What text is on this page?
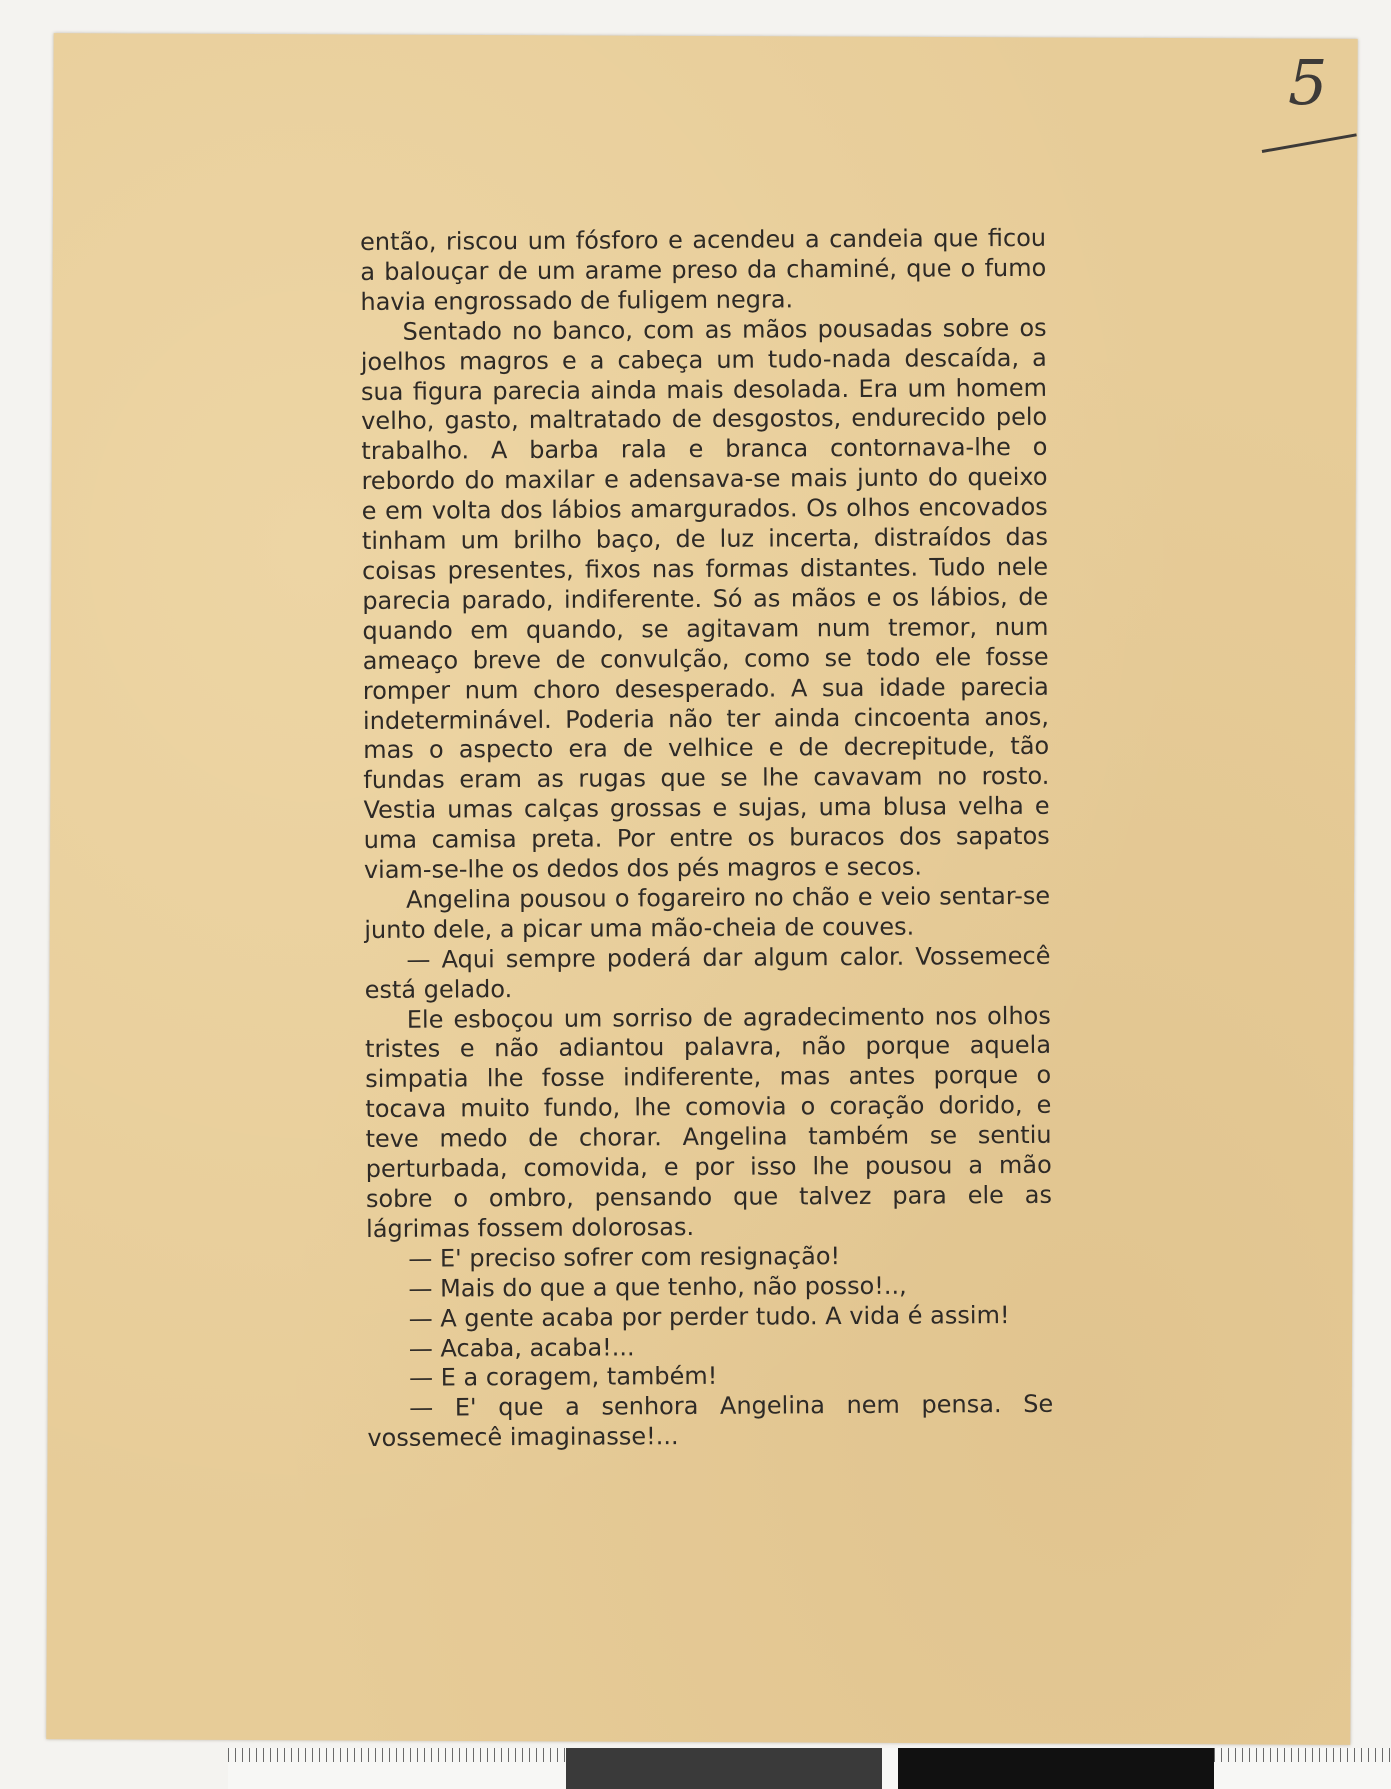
5

então, riscou um fósforo e acendeu a candeia que ficou a balouçar de um arame preso da chaminé, que o fumo havia engrossado de fuligem negra.

Sentado no banco, com as mãos pousadas sobre os joelhos magros e a cabeça um tudo-nada descaída, a sua figura parecia ainda mais desolada. Era um homem velho, gasto, maltratado de desgostos, endurecido pelo trabalho. A barba rala e branca contornava-lhe o rebordo do maxilar e adensava-se mais junto do queixo e em volta dos lábios amargurados. Os olhos encovados tinham um brilho baço, de luz incerta, distraídos das coisas presentes, fixos nas formas distantes. Tudo nele parecia parado, indiferente. Só as mãos e os lábios, de quando em quando, se agitavam num tremor, num ameaço breve de convulção, como se todo ele fosse romper num choro desesperado. A sua idade parecia indeterminável. Poderia não ter ainda cincoenta anos, mas o aspecto era de velhice e de decrepitude, tão fundas eram as rugas que se lhe cavavam no rosto. Vestia umas calças grossas e sujas, uma blusa velha e uma camisa preta. Por entre os buracos dos sapatos viam-se-lhe os dedos dos pés magros e secos.

Angelina pousou o fogareiro no chão e veio sentar-se junto dele, a picar uma mão-cheia de couves.

— Aqui sempre poderá dar algum calor. Vossemecê está gelado.

Ele esboçou um sorriso de agradecimento nos olhos tristes e não adiantou palavra, não porque aquela simpatia lhe fosse indiferente, mas antes porque o tocava muito fundo, lhe comovia o coração dorido, e teve medo de chorar. Angelina também se sentiu perturbada, comovida, e por isso lhe pousou a mão sobre o ombro, pensando que talvez para ele as lágrimas fossem dolorosas.

— E' preciso sofrer com resignação!

— Mais do que a que tenho, não posso!..,

— A gente acaba por perder tudo. A vida é assim!

— Acaba, acaba!...

— E a coragem, também!

— E' que a senhora Angelina nem pensa. Se vossemecê imaginasse!...
